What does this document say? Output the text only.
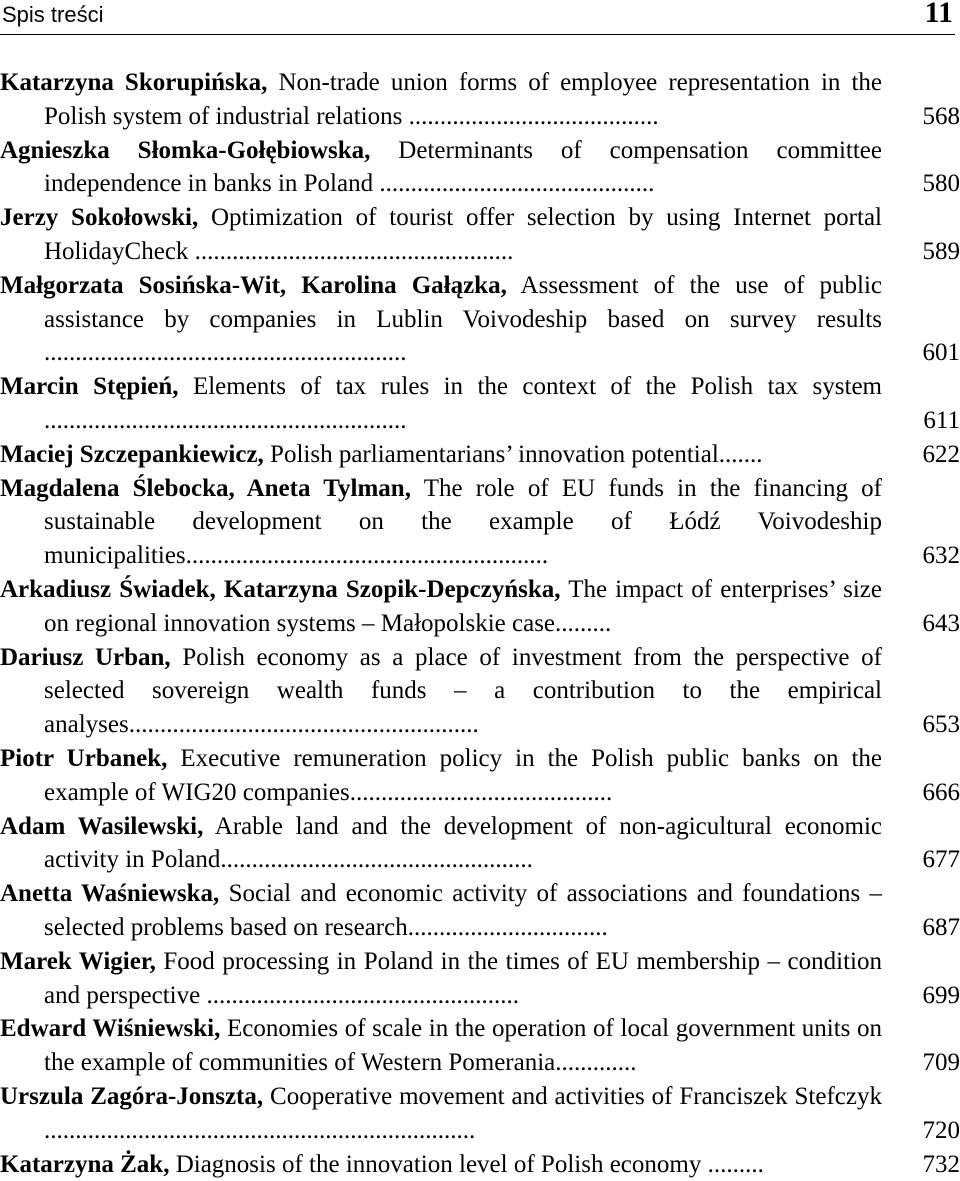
Spis treści	11
Katarzyna Skorupińska, Non-trade union forms of employee representation in the Polish system of industrial relations ........................................	568
Agnieszka Słomka-Gołębiowska, Determinants of compensation committee independence in banks in Poland ............................................	580
Jerzy Sokołowski, Optimization of tourist offer selection by using Internet portal HolidayCheck ...................................................	589
Małgorzata Sosińska-Wit, Karolina Gałązka, Assessment of the use of public assistance by companies in Lublin Voivodeship based on survey results ..........................................................	601
Marcin Stępień, Elements of tax rules in the context of the Polish tax system ..........................................................	611
Maciej Szczepankiewicz, Polish parliamentarians’ innovation potential.......	622
Magdalena Ślebocka, Aneta Tylman, The role of EU funds in the financing of sustainable development on the example of Łódź Voivodeship municipalities..........................................................	632
Arkadiusz Świadek, Katarzyna Szopik-Depczyńska, The impact of enterprises’ size on regional innovation systems – Małopolskie case.........	643
Dariusz Urban, Polish economy as a place of investment from the perspective of selected sovereign wealth funds – a contribution to the empirical analyses........................................................	653
Piotr Urbanek, Executive remuneration policy in the Polish public banks on the example of WIG20 companies..........................................	666
Adam Wasilewski, Arable land and the development of non-agicultural economic activity in Poland..................................................	677
Anetta Waśniewska, Social and economic activity of associations and foundations – selected problems based on research................................	687
Marek Wigier, Food processing in Poland in the times of EU membership – condition and perspective ..................................................	699
Edward Wiśniewski, Economies of scale in the operation of local government units on the example of communities of Western Pomerania.............	709
Urszula Zagóra-Jonszta, Cooperative movement and activities of Franciszek Stefczyk .....................................................................	720
Katarzyna Żak, Diagnosis of the innovation level of Polish economy .........	732
